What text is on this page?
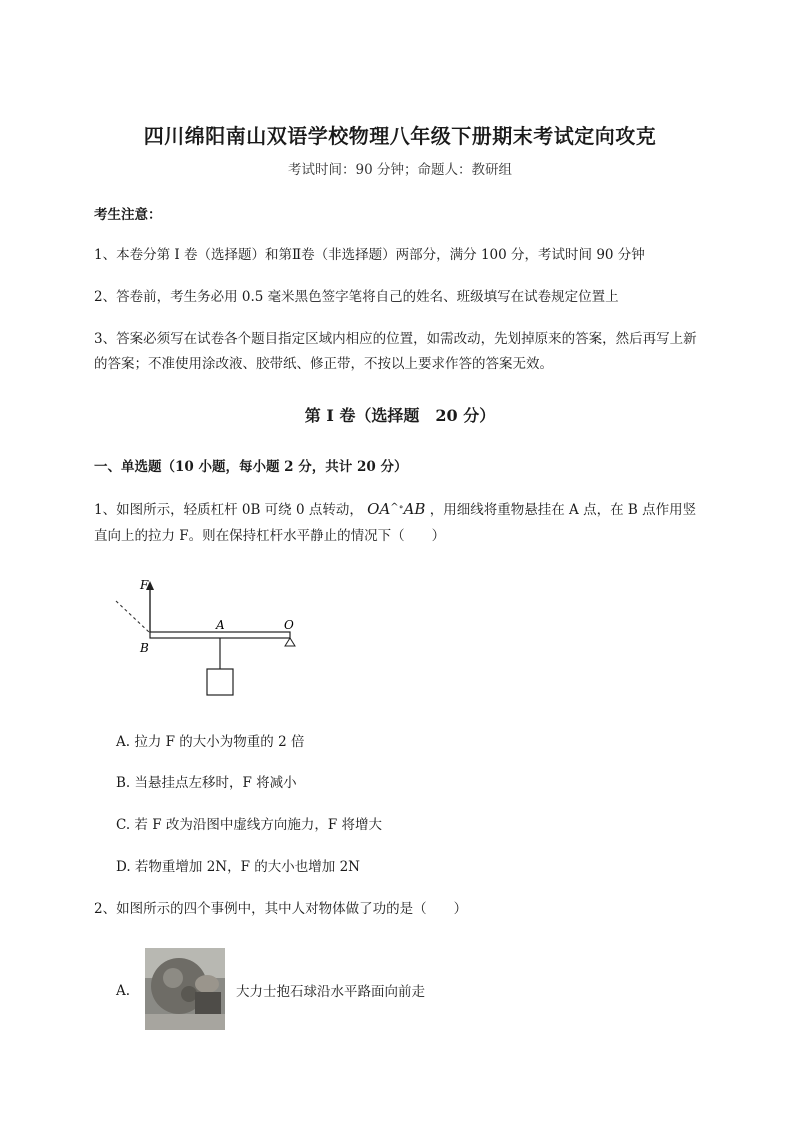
四川绵阳南山双语学校物理八年级下册期末考试定向攻克
考试时间：90 分钟；命题人：教研组
考生注意：
1、本卷分第 I 卷（选择题）和第Ⅱ卷（非选择题）两部分，满分 100 分，考试时间 90 分钟
2、答卷前，考生务必用 0.5 毫米黑色签字笔将自己的姓名、班级填写在试卷规定位置上
3、答案必须写在试卷各个题目指定区域内相应的位置，如需改动，先划掉原来的答案，然后再写上新的答案；不准使用涂改液、胶带纸、修正带，不按以上要求作答的答案无效。
第 I 卷（选择题　20 分）
一、单选题（10 小题，每小题 2 分，共计 20 分）
1、如图所示，轻质杠杆 0B 可绕 0 点转动， OA^∘AB ，用细线将重物悬挂在 A 点，在 B 点作用竖直向上的拉力 F。则在保持杠杆水平静止的情况下（　　）
F
B
A	O
A. 拉力 F 的大小为物重的 2 倍
B. 当悬挂点左移时，F 将减小
C. 若 F 改为沿图中虚线方向施力，F 将增大
D. 若物重增加 2N，F 的大小也增加 2N
2、如图所示的四个事例中，其中人对物体做了功的是（　　）
A.	大力士抱石球沿水平路面向前走
